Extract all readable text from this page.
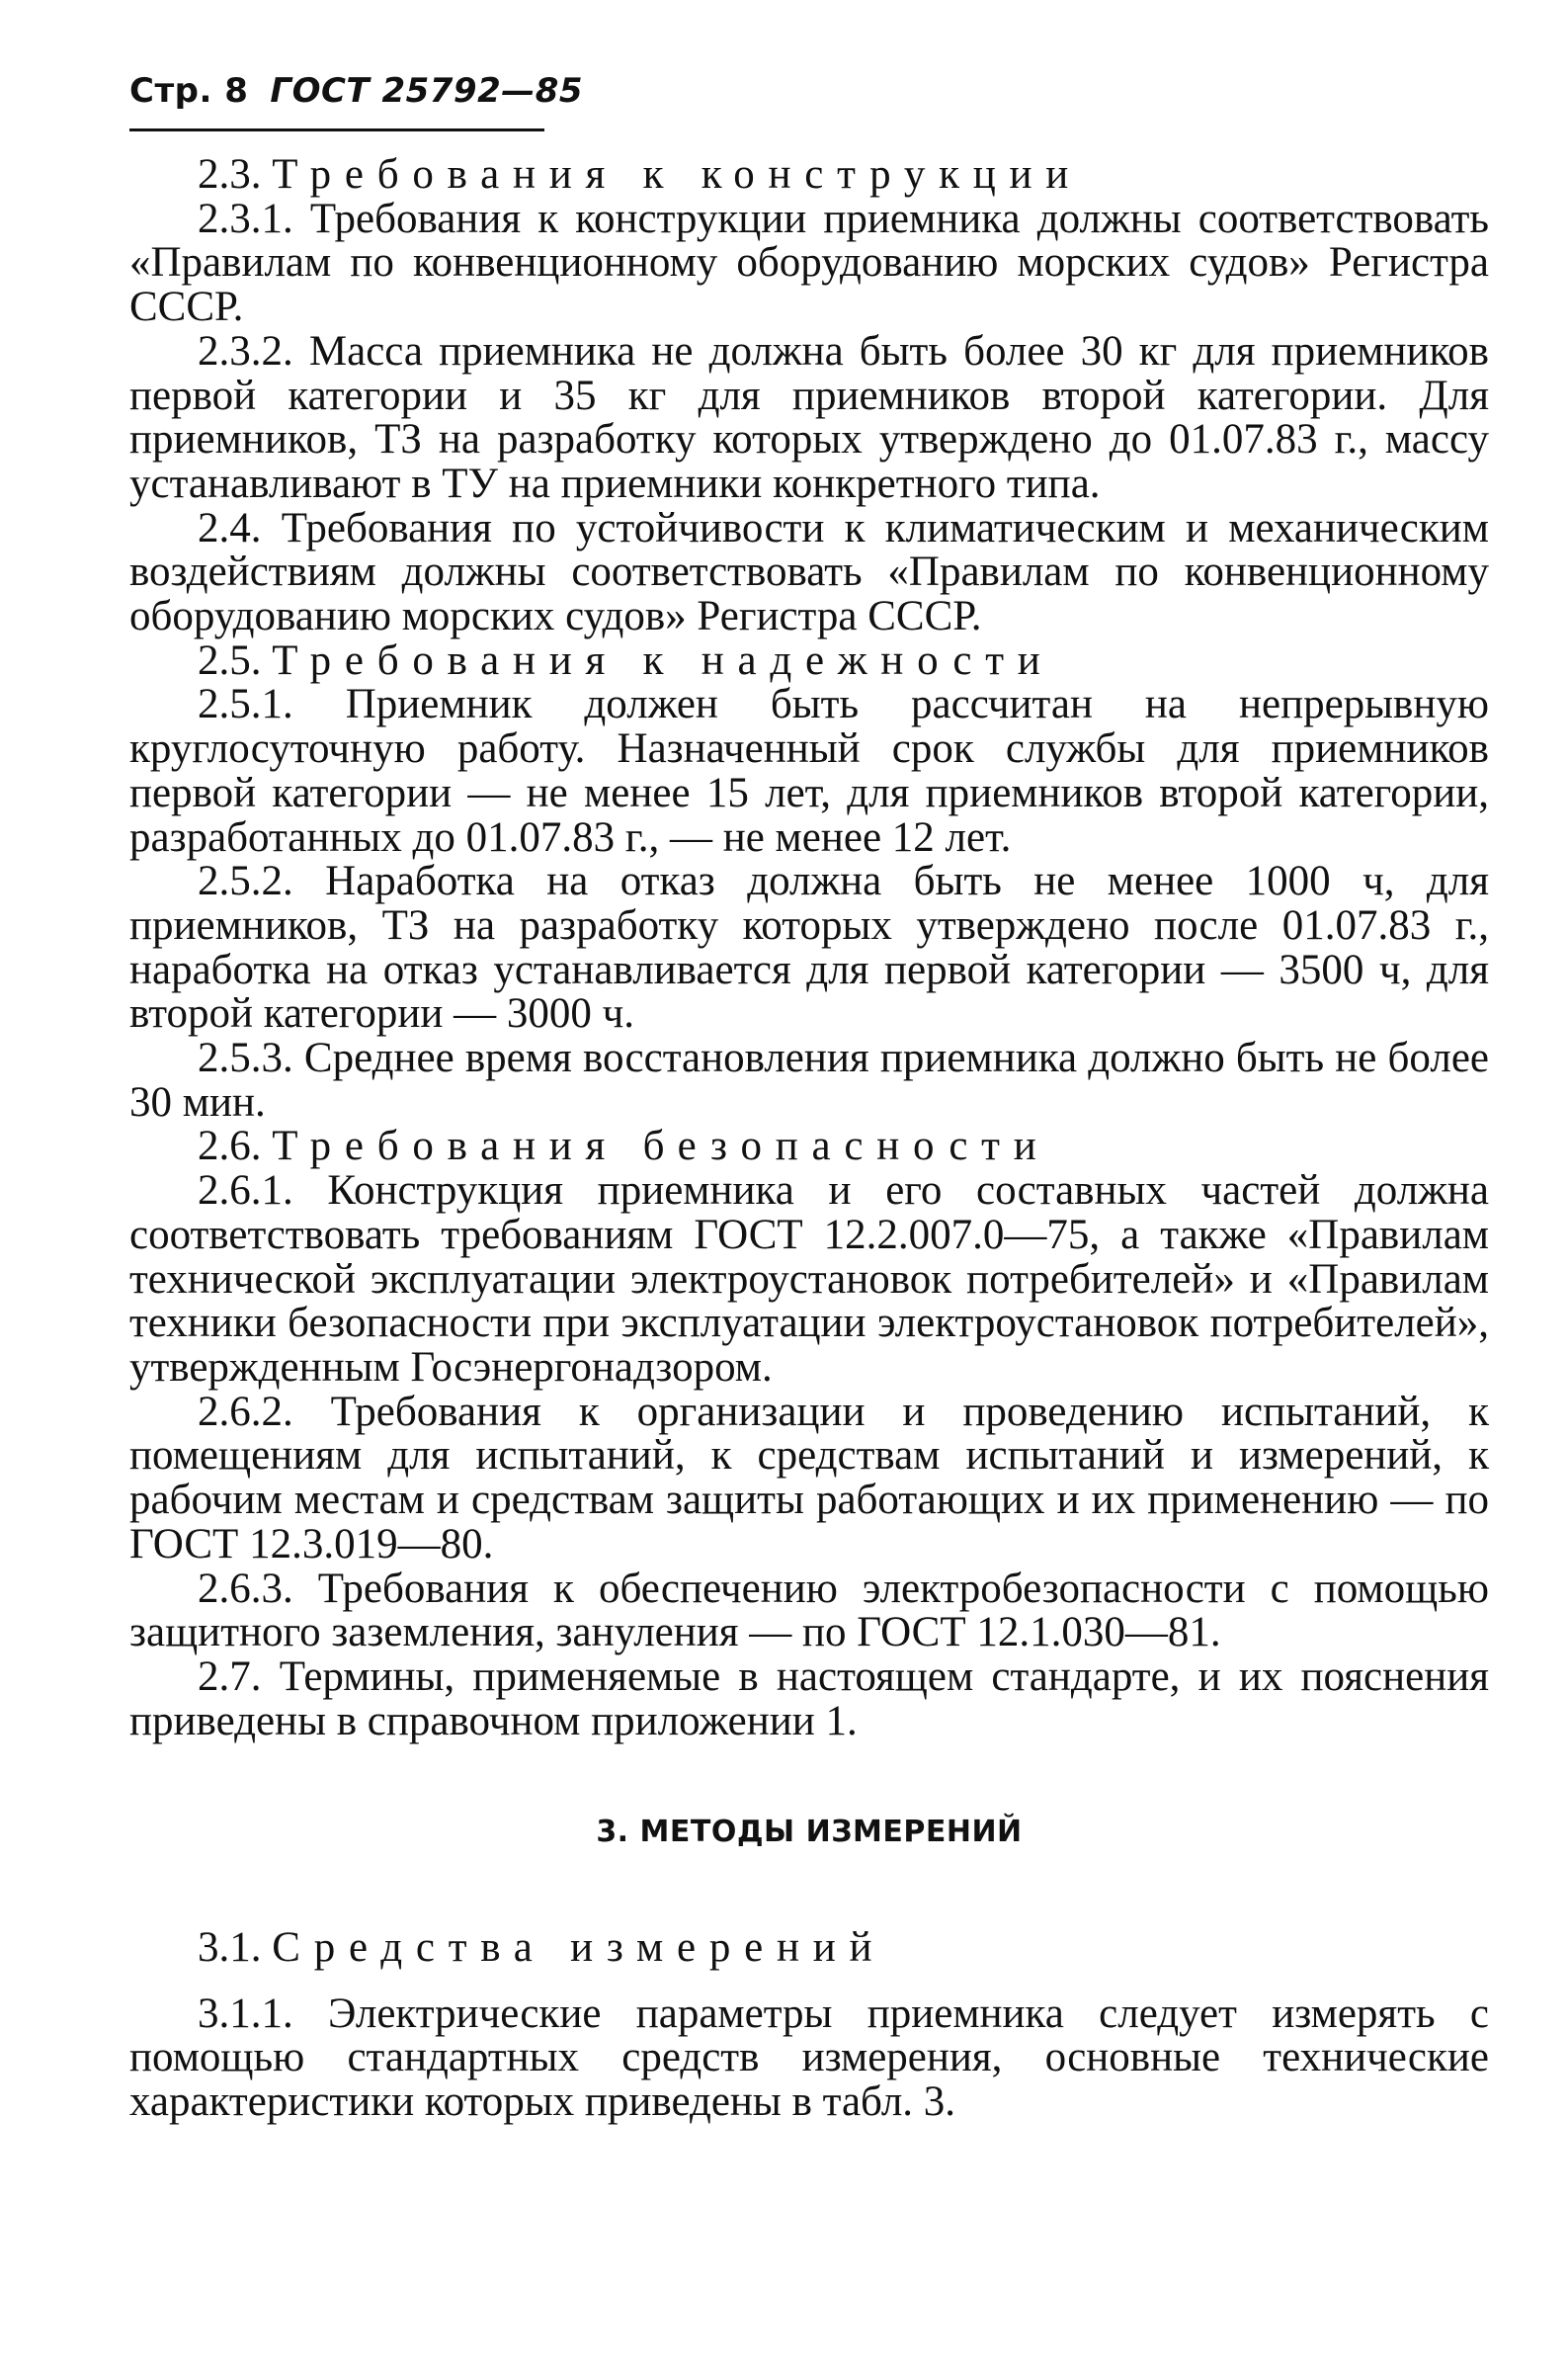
Стр. 8 ГОСТ 25792—85

2.3. Требования к конструкции

2.3.1. Требования к конструкции приемника должны соответствовать «Правилам по конвенционному оборудованию морских судов» Регистра СССР.

2.3.2. Масса приемника не должна быть более 30 кг для приемников первой категории и 35 кг для приемников второй категории. Для приемников, ТЗ на разработку которых утверждено до 01.07.83 г., массу устанавливают в ТУ на приемники конкретного типа.

2.4. Требования по устойчивости к климатическим и механическим воздействиям должны соответствовать «Правилам по конвенционному оборудованию морских судов» Регистра СССР.

2.5. Требования к надежности

2.5.1. Приемник должен быть рассчитан на непрерывную круглосуточную работу. Назначенный срок службы для приемников первой категории — не менее 15 лет, для приемников второй категории, разработанных до 01.07.83 г., — не менее 12 лет.

2.5.2. Наработка на отказ должна быть не менее 1000 ч, для приемников, ТЗ на разработку которых утверждено после 01.07.83 г., наработка на отказ устанавливается для первой категории — 3500 ч, для второй категории — 3000 ч.

2.5.3. Среднее время восстановления приемника должно быть не более 30 мин.

2.6. Требования безопасности

2.6.1. Конструкция приемника и его составных частей должна соответствовать требованиям ГОСТ 12.2.007.0—75, а также «Правилам технической эксплуатации электроустановок потребителей» и «Правилам техники безопасности при эксплуатации электроустановок потребителей», утвержденным Госэнергонадзором.

2.6.2. Требования к организации и проведению испытаний, к помещениям для испытаний, к средствам испытаний и измерений, к рабочим местам и средствам защиты работающих и их применению — по ГОСТ 12.3.019—80.

2.6.3. Требования к обеспечению электробезопасности с помощью защитного заземления, зануления — по ГОСТ 12.1.030—81.

2.7. Термины, применяемые в настоящем стандарте, и их пояснения приведены в справочном приложении 1.

3. МЕТОДЫ ИЗМЕРЕНИЙ

3.1. Средства измерений

3.1.1. Электрические параметры приемника следует измерять с помощью стандартных средств измерения, основные технические характеристики которых приведены в табл. 3.
